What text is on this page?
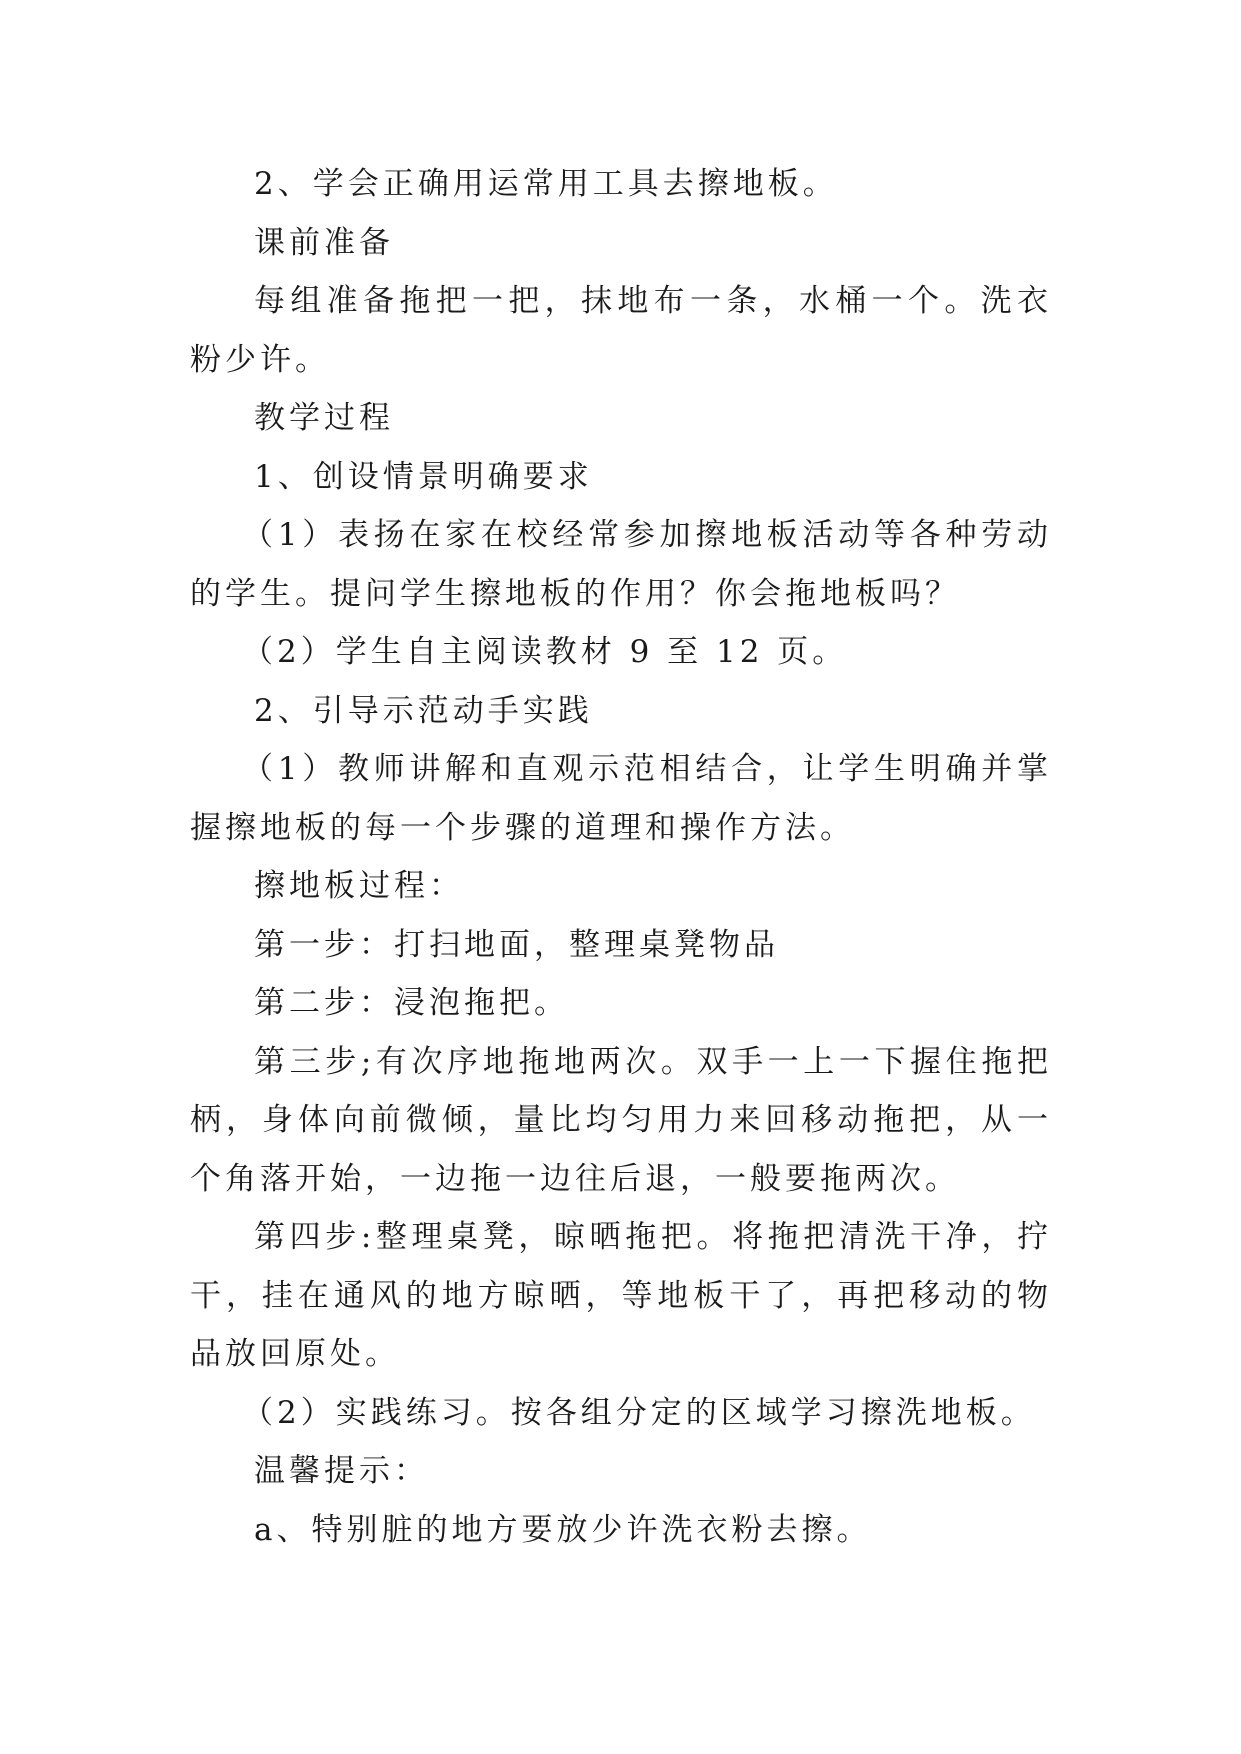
2、学会正确用运常用工具去擦地板。

课前准备

每组准备拖把一把，抹地布一条，水桶一个。洗衣粉少许。

教学过程

1、创设情景明确要求

（1）表扬在家在校经常参加擦地板活动等各种劳动的学生。提问学生擦地板的作用？你会拖地板吗？

（2）学生自主阅读教材 9 至 12 页。

2、引导示范动手实践

（1）教师讲解和直观示范相结合，让学生明确并掌握擦地板的每一个步骤的道理和操作方法。

擦地板过程：

第一步：打扫地面，整理桌凳物品

第二步：浸泡拖把。

第三步;有次序地拖地两次。双手一上一下握住拖把柄，身体向前微倾，量比均匀用力来回移动拖把，从一个角落开始，一边拖一边往后退，一般要拖两次。

第四步:整理桌凳，晾晒拖把。将拖把清洗干净，拧干，挂在通风的地方晾晒，等地板干了，再把移动的物品放回原处。

（2）实践练习。按各组分定的区域学习擦洗地板。

温馨提示：

a、特别脏的地方要放少许洗衣粉去擦。
